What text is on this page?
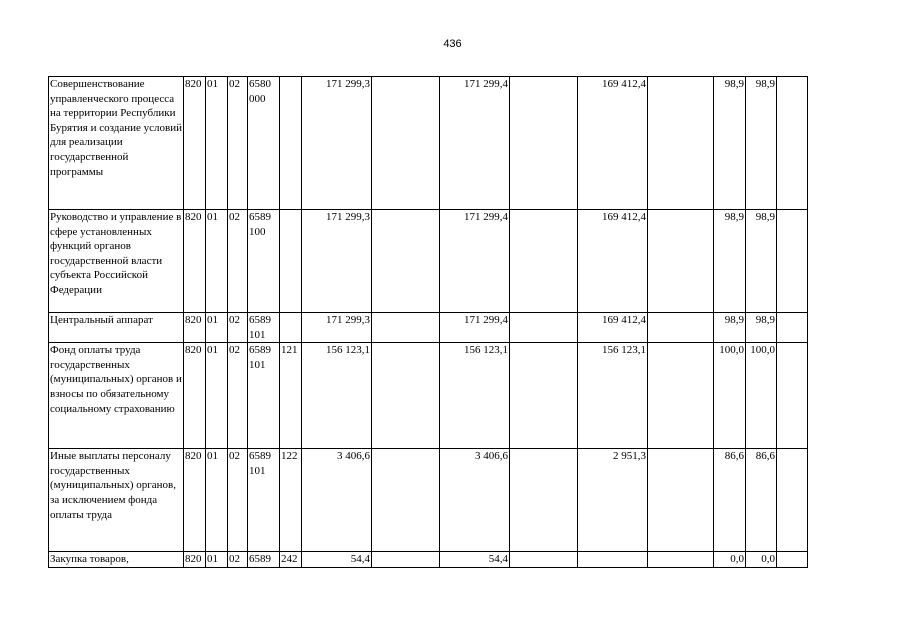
436
Совершенствование управленческого процесса на территории Республики Бурятия и создание условий для реализации государственной программы	820	01	02	6580 000		171 299,3		171 299,4		169 412,4		98,9	98,9	
Руководство и управление в сфере установленных функций органов государственной власти субъекта Российской Федерации	820	01	02	6589 100		171 299,3		171 299,4		169 412,4		98,9	98,9	
Центральный аппарат	820	01	02	6589 101		171 299,3		171 299,4		169 412,4		98,9	98,9	
Фонд оплаты труда государственных (муниципальных) органов и взносы по обязательному социальному страхованию	820	01	02	6589 101	121	156 123,1		156 123,1		156 123,1		100,0	100,0	
Иные выплаты персоналу государственных (муниципальных) органов, за исключением фонда оплаты труда	820	01	02	6589 101	122	3 406,6		3 406,6		2 951,3		86,6	86,6	
Закупка товаров,	820	01	02	6589	242	54,4		54,4				0,0	0,0	
